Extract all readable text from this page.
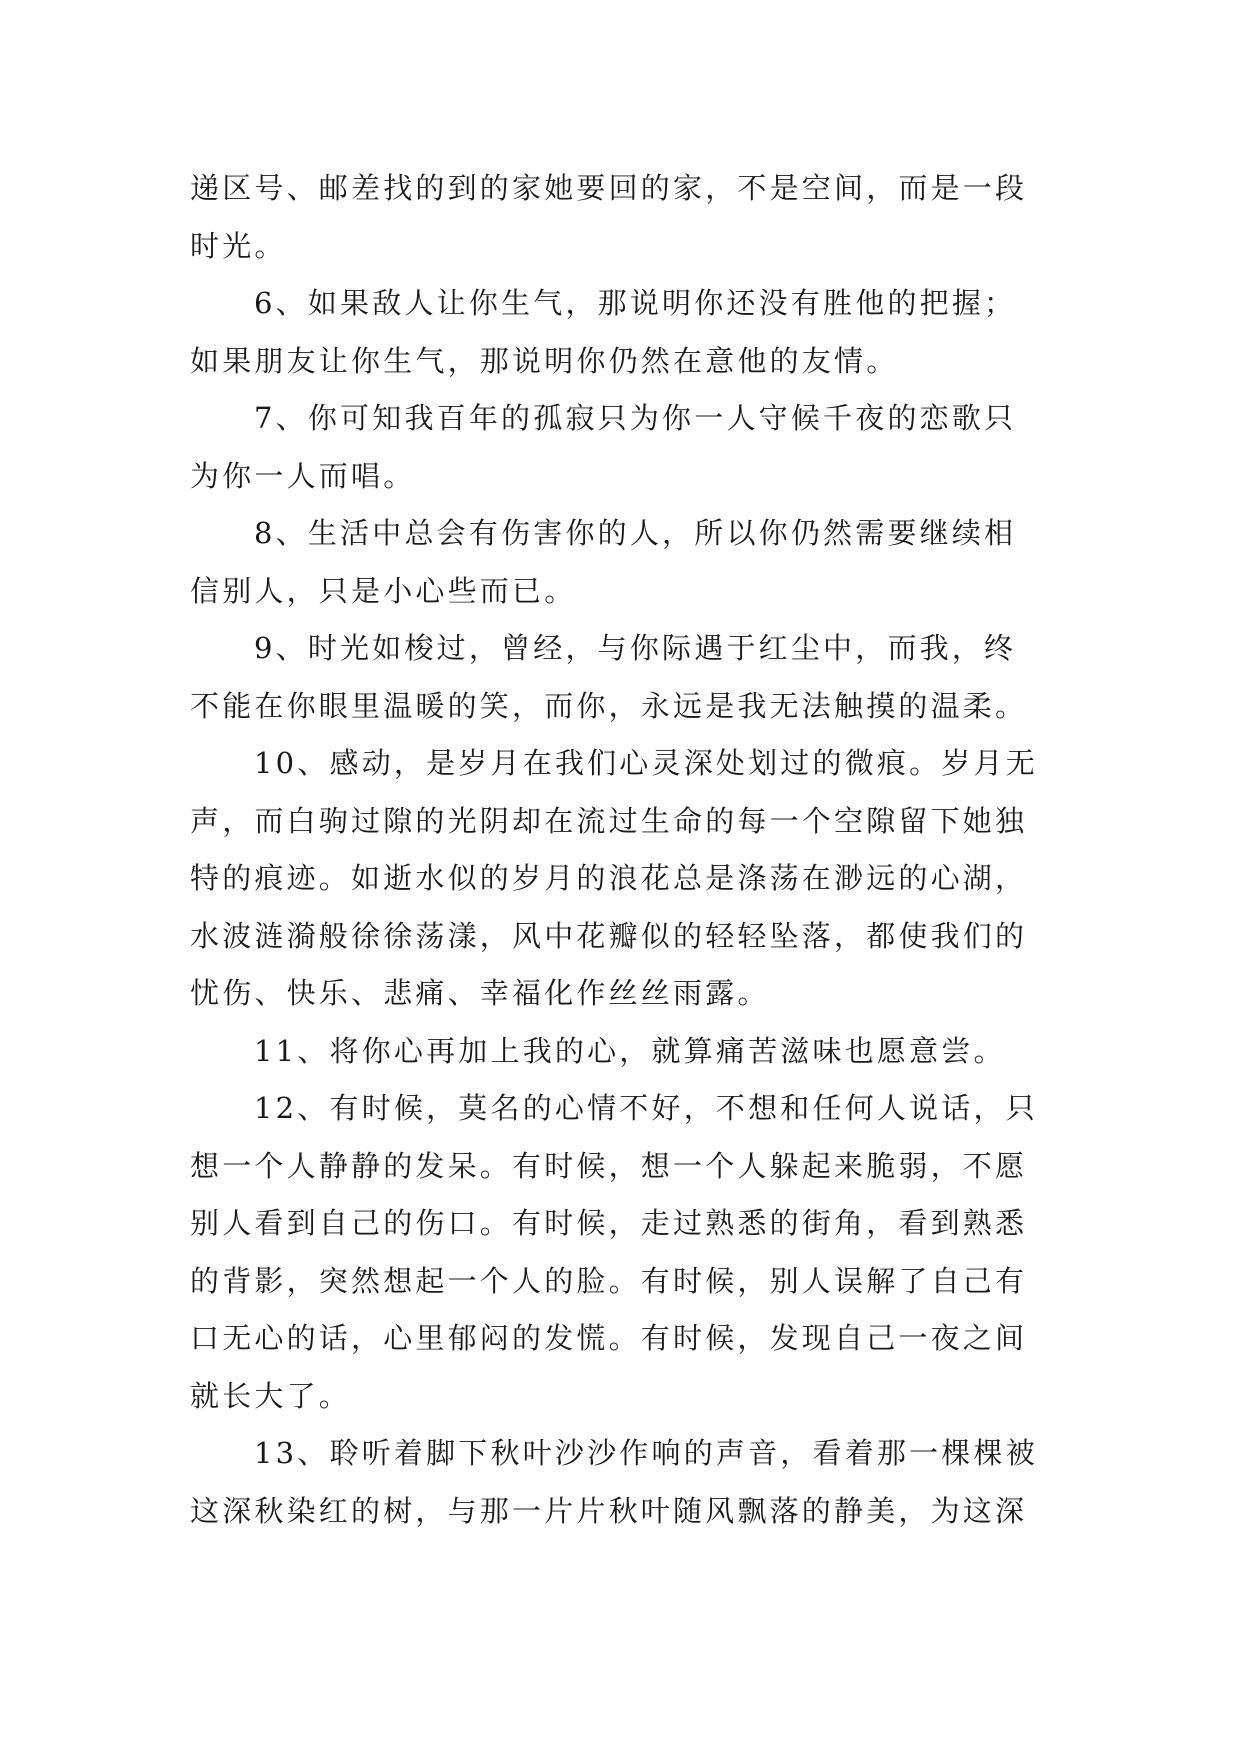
递区号、邮差找的到的家她要回的家，不是空间，而是一段
时光。

6、如果敌人让你生气，那说明你还没有胜他的把握；
如果朋友让你生气，那说明你仍然在意他的友情。

7、你可知我百年的孤寂只为你一人守候千夜的恋歌只
为你一人而唱。

8、生活中总会有伤害你的人，所以你仍然需要继续相
信别人，只是小心些而已。

9、时光如梭过，曾经，与你际遇于红尘中，而我，终
不能在你眼里温暖的笑，而你，永远是我无法触摸的温柔。

10、感动，是岁月在我们心灵深处划过的微痕。岁月无
声，而白驹过隙的光阴却在流过生命的每一个空隙留下她独
特的痕迹。如逝水似的岁月的浪花总是涤荡在渺远的心湖，
水波涟漪般徐徐荡漾，风中花瓣似的轻轻坠落，都使我们的
忧伤、快乐、悲痛、幸福化作丝丝雨露。

11、将你心再加上我的心，就算痛苦滋味也愿意尝。

12、有时候，莫名的心情不好，不想和任何人说话，只
想一个人静静的发呆。有时候，想一个人躲起来脆弱，不愿
别人看到自己的伤口。有时候，走过熟悉的街角，看到熟悉
的背影，突然想起一个人的脸。有时候，别人误解了自己有
口无心的话，心里郁闷的发慌。有时候，发现自己一夜之间
就长大了。

13、聆听着脚下秋叶沙沙作响的声音，看着那一棵棵被
这深秋染红的树，与那一片片秋叶随风飘落的静美，为这深
